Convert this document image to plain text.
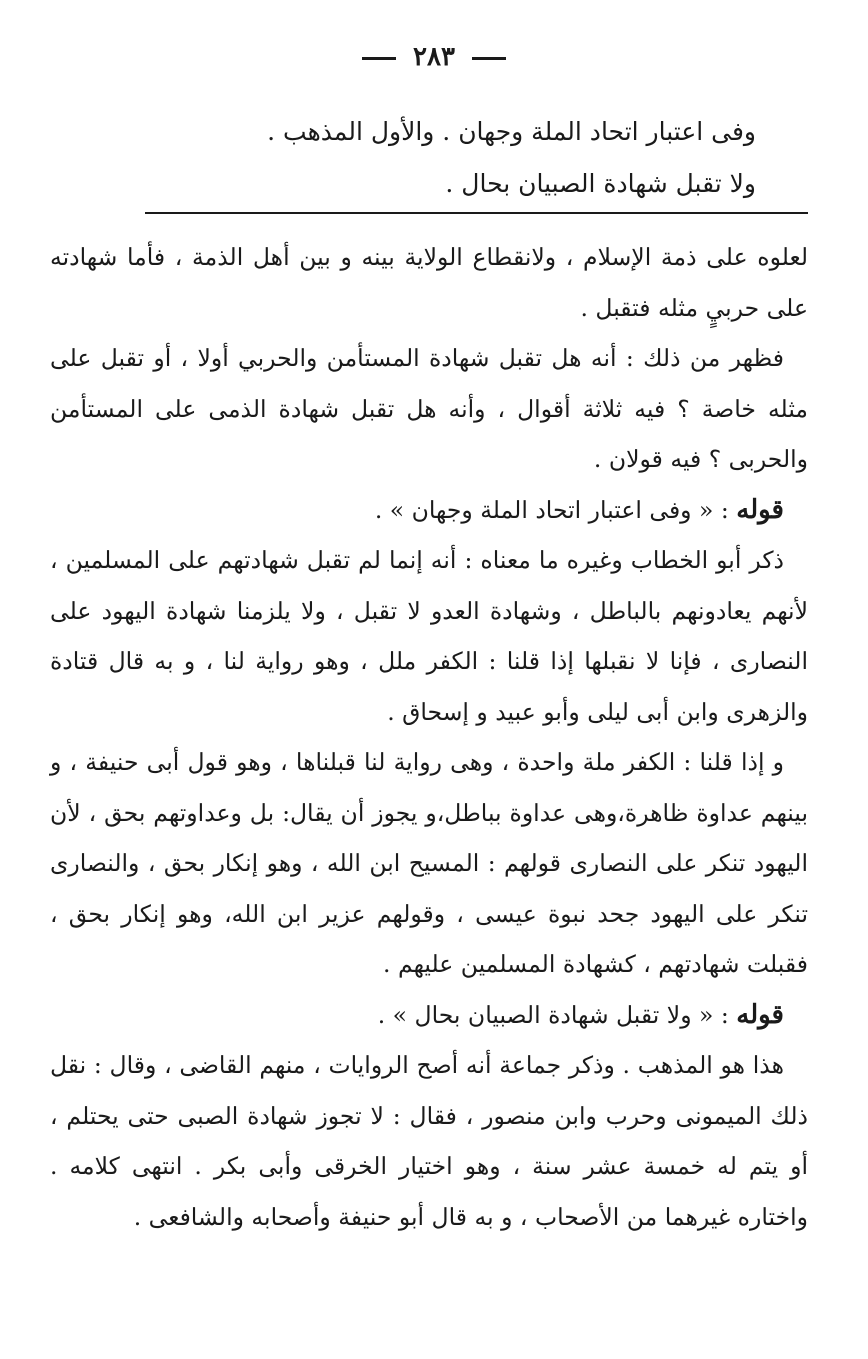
٢٨٣

وفى اعتبار اتحاد الملة وجهان . والأول المذهب .

ولا تقبل شهادة الصبيان بحال .

لعلوه على ذمة الإسلام ، ولانقطاع الولاية بينه و بين أهل الذمة ، فأما شهادته على حربيٍ مثله فتقبل .

فظهر من ذلك : أنه هل تقبل شهادة المستأمن والحربي أولا ، أو تقبل على مثله خاصة ؟ فيه ثلاثة أقوال ، وأنه هل تقبل شهادة الذمى على المستأمن والحربى ؟ فيه قولان .

قوله : « وفى اعتبار اتحاد الملة وجهان » .

ذكر أبو الخطاب وغيره ما معناه : أنه إنما لم تقبل شهادتهم على المسلمين ، لأنهم يعادونهم بالباطل ، وشهادة العدو لا تقبل ، ولا يلزمنا شهادة اليهود على النصارى ، فإنا لا نقبلها إذا قلنا : الكفر ملل ، وهو رواية لنا ، و به قال قتادة والزهرى وابن أبى ليلى وأبو عبيد و إسحاق .

و إذا قلنا : الكفر ملة واحدة ، وهى رواية لنا قبلناها ، وهو قول أبى حنيفة ، و بينهم عداوة ظاهرة،وهى عداوة بباطل،و يجوز أن يقال: بل وعداوتهم بحق ، لأن اليهود تنكر على النصارى قولهم : المسيح ابن الله ، وهو إنكار بحق ، والنصارى تنكر على اليهود جحد نبوة عيسى ، وقولهم عزير ابن الله، وهو إنكار بحق ، فقبلت شهادتهم ، كشهادة المسلمين عليهم .

قوله : « ولا تقبل شهادة الصبيان بحال » .

هذا هو المذهب . وذكر جماعة أنه أصح الروايات ، منهم القاضى ، وقال : نقل ذلك الميمونى وحرب وابن منصور ، فقال : لا تجوز شهادة الصبى حتى يحتلم ، أو يتم له خمسة عشر سنة ، وهو اختيار الخرقى وأبى بكر . انتهى كلامه . واختاره غيرهما من الأصحاب ، و به قال أبو حنيفة وأصحابه والشافعى .
